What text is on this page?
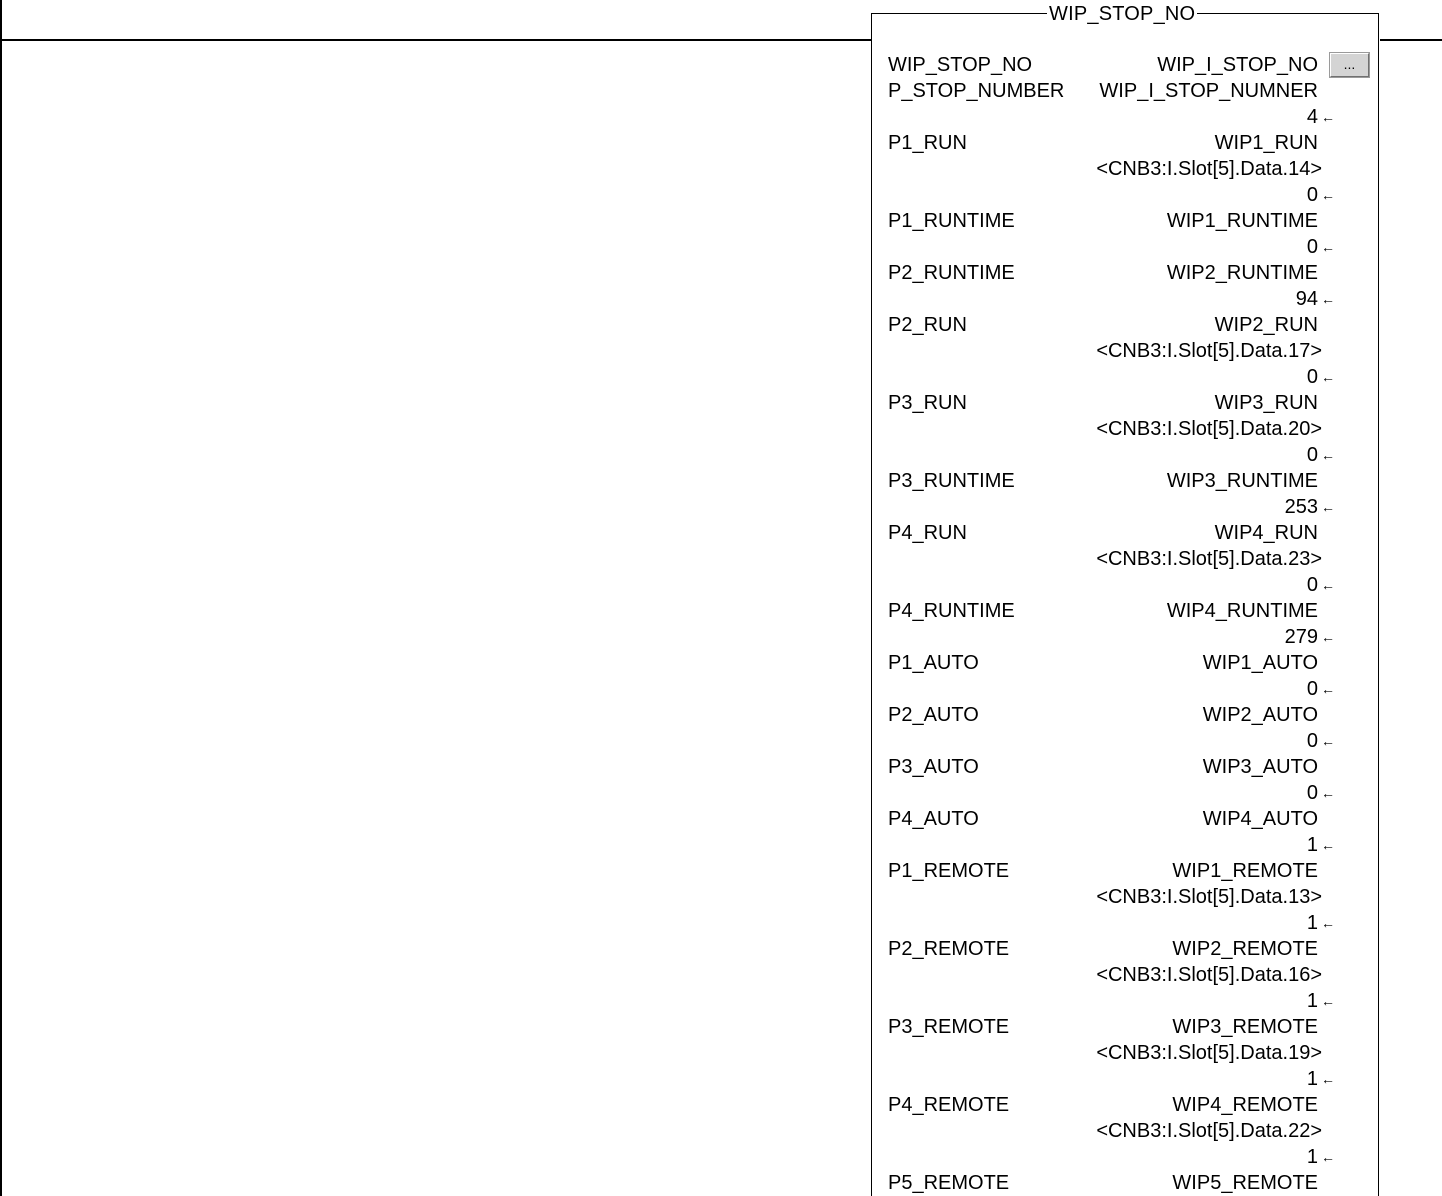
WIP_STOP_NO
...
WIP_STOP_NO	WIP_I_STOP_NO
P_STOP_NUMBER WIP_I_STOP_NUMNER
4 ←
P1_RUN	WIP1_RUN
<CNB3:I.Slot[5].Data.14>
0 ←
P1_RUNTIME	WIP1_RUNTIME
0 ←
P2_RUNTIME	WIP2_RUNTIME
94 ←
P2_RUN	WIP2_RUN
<CNB3:I.Slot[5].Data.17>
0 ←
P3_RUN	WIP3_RUN
<CNB3:I.Slot[5].Data.20>
0 ←
P3_RUNTIME	WIP3_RUNTIME
253 ←
P4_RUN	WIP4_RUN
<CNB3:I.Slot[5].Data.23>
0 ←
P4_RUNTIME	WIP4_RUNTIME
279 ←
P1_AUTO	WIP1_AUTO
0 ←
P2_AUTO	WIP2_AUTO
0 ←
P3_AUTO	WIP3_AUTO
0 ←
P4_AUTO	WIP4_AUTO
1 ←
P1_REMOTE	WIP1_REMOTE
<CNB3:I.Slot[5].Data.13>
1 ←
P2_REMOTE	WIP2_REMOTE
<CNB3:I.Slot[5].Data.16>
1 ←
P3_REMOTE	WIP3_REMOTE
<CNB3:I.Slot[5].Data.19>
1 ←
P4_REMOTE	WIP4_REMOTE
<CNB3:I.Slot[5].Data.22>
1 ←
P5_REMOTE	WIP5_REMOTE
